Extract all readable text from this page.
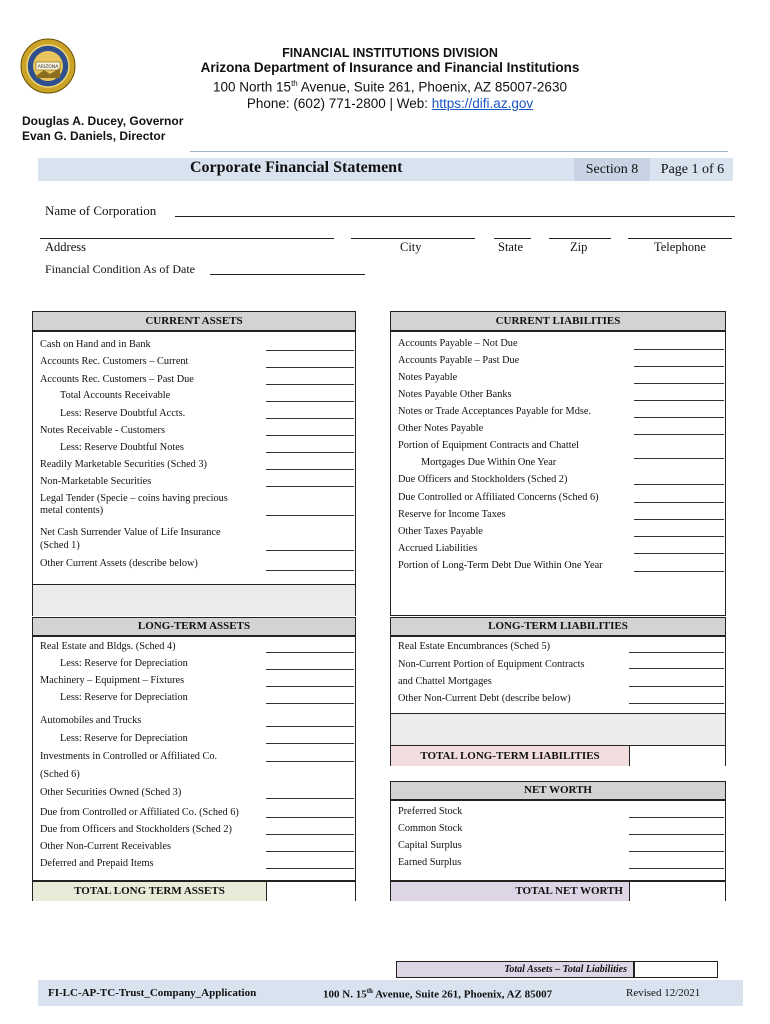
ARIZONA
FINANCIAL INSTITUTIONS DIVISION
Arizona Department of Insurance and Financial Institutions
100 North 15th Avenue, Suite 261, Phoenix, AZ 85007-2630
Phone: (602) 771-2800 | Web: https://difi.az.gov
Douglas A. Ducey, Governor
Evan G. Daniels, Director
Corporate Financial Statement	Section 8	Page 1 of 6
Name of Corporation
Address	City	State	Zip	Telephone
Financial Condition As of Date
CURRENT ASSETS
Cash on Hand and in Bank
Accounts Rec. Customers – Current
Accounts Rec. Customers – Past Due
Total Accounts Receivable
Less: Reserve Doubtful Accts.
Notes Receivable - Customers
Less: Reserve Doubtful Notes
Readily Marketable Securities (Sched 3)
Non-Marketable Securities
Legal Tender (Specie – coins having precious
metal contents)
Net Cash Surrender Value of Life Insurance
(Sched 1)
Other Current Assets (describe below)
CURRENT LIABILITIES
Accounts Payable – Not Due
Accounts Payable – Past Due
Notes Payable
Notes Payable Other Banks
Notes or Trade Acceptances Payable for Mdse.
Other Notes Payable
Portion of Equipment Contracts and Chattel
Mortgages Due Within One Year
Due Officers and Stockholders (Sched 2)
Due Controlled or Affiliated Concerns (Sched 6)
Reserve for Income Taxes
Other Taxes Payable
Accrued Liabilities
Portion of Long-Term Debt Due Within One Year
LONG-TERM ASSETS
Real Estate and Bldgs. (Sched 4)
Less: Reserve for Depreciation
Machinery – Equipment – Fixtures
Less: Reserve for Depreciation
Automobiles and Trucks
Less: Reserve for Depreciation
Investments in Controlled or Affiliated Co.
(Sched 6)
Other Securities Owned (Sched 3)
Due from Controlled or Affiliated Co. (Sched 6)
Due from Officers and Stockholders (Sched 2)
Other Non-Current Receivables
Deferred and Prepaid Items
TOTAL LONG TERM ASSETS
LONG-TERM LIABILITIES
Real Estate Encumbrances (Sched 5)
Non-Current Portion of Equipment Contracts
and Chattel Mortgages
Other Non-Current Debt (describe below)
TOTAL LONG-TERM LIABILITIES
NET WORTH
Preferred Stock
Common Stock
Capital Surplus
Earned Surplus
TOTAL NET WORTH
Total Assets – Total Liabilities
FI-LC-AP-TC-Trust_Company_Application	100 N. 15th Avenue, Suite 261, Phoenix, AZ 85007	Revised 12/2021
